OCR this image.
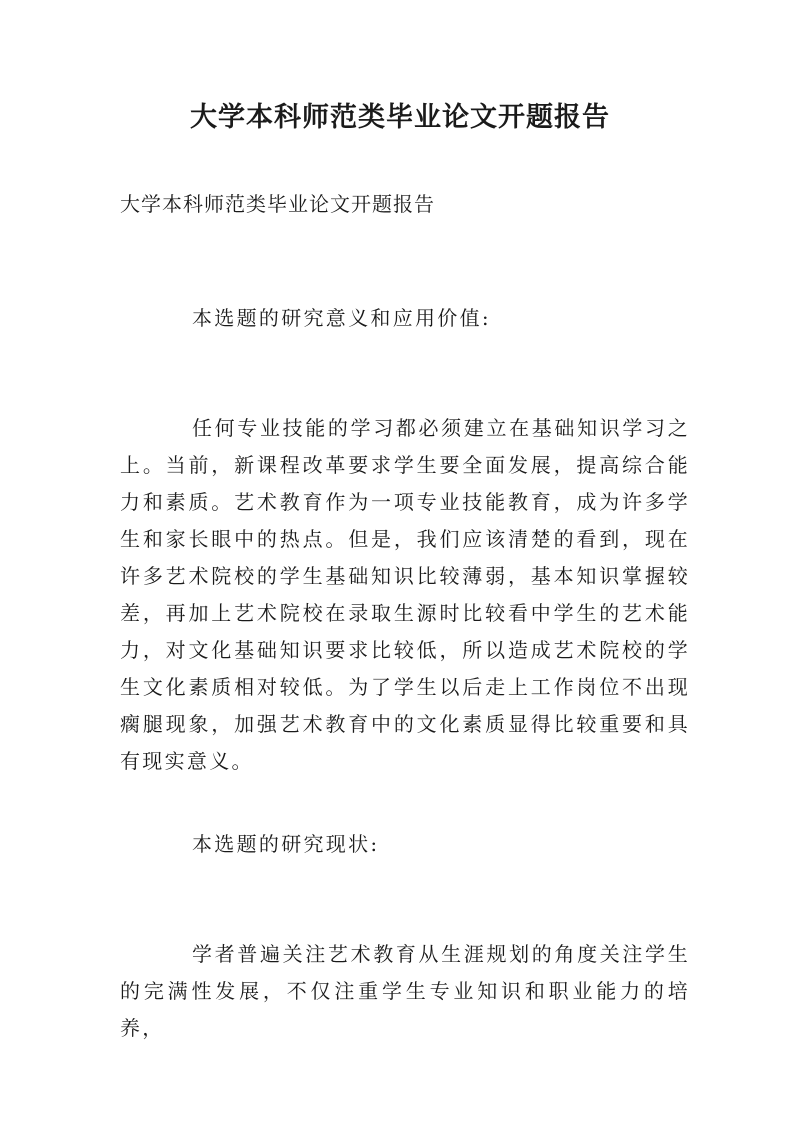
大学本科师范类毕业论文开题报告

大学本科师范类毕业论文开题报告

本选题的研究意义和应用价值:

任何专业技能的学习都必须建立在基础知识学习之上。当前，新课程改革要求学生要全面发展，提高综合能力和素质。艺术教育作为一项专业技能教育，成为许多学生和家长眼中的热点。但是，我们应该清楚的看到，现在许多艺术院校的学生基础知识比较薄弱，基本知识掌握较差，再加上艺术院校在录取生源时比较看中学生的艺术能力，对文化基础知识要求比较低，所以造成艺术院校的学生文化素质相对较低。为了学生以后走上工作岗位不出现瘸腿现象，加强艺术教育中的文化素质显得比较重要和具有现实意义。

本选题的研究现状:

学者普遍关注艺术教育从生涯规划的角度关注学生的完满性发展，不仅注重学生专业知识和职业能力的培养，
